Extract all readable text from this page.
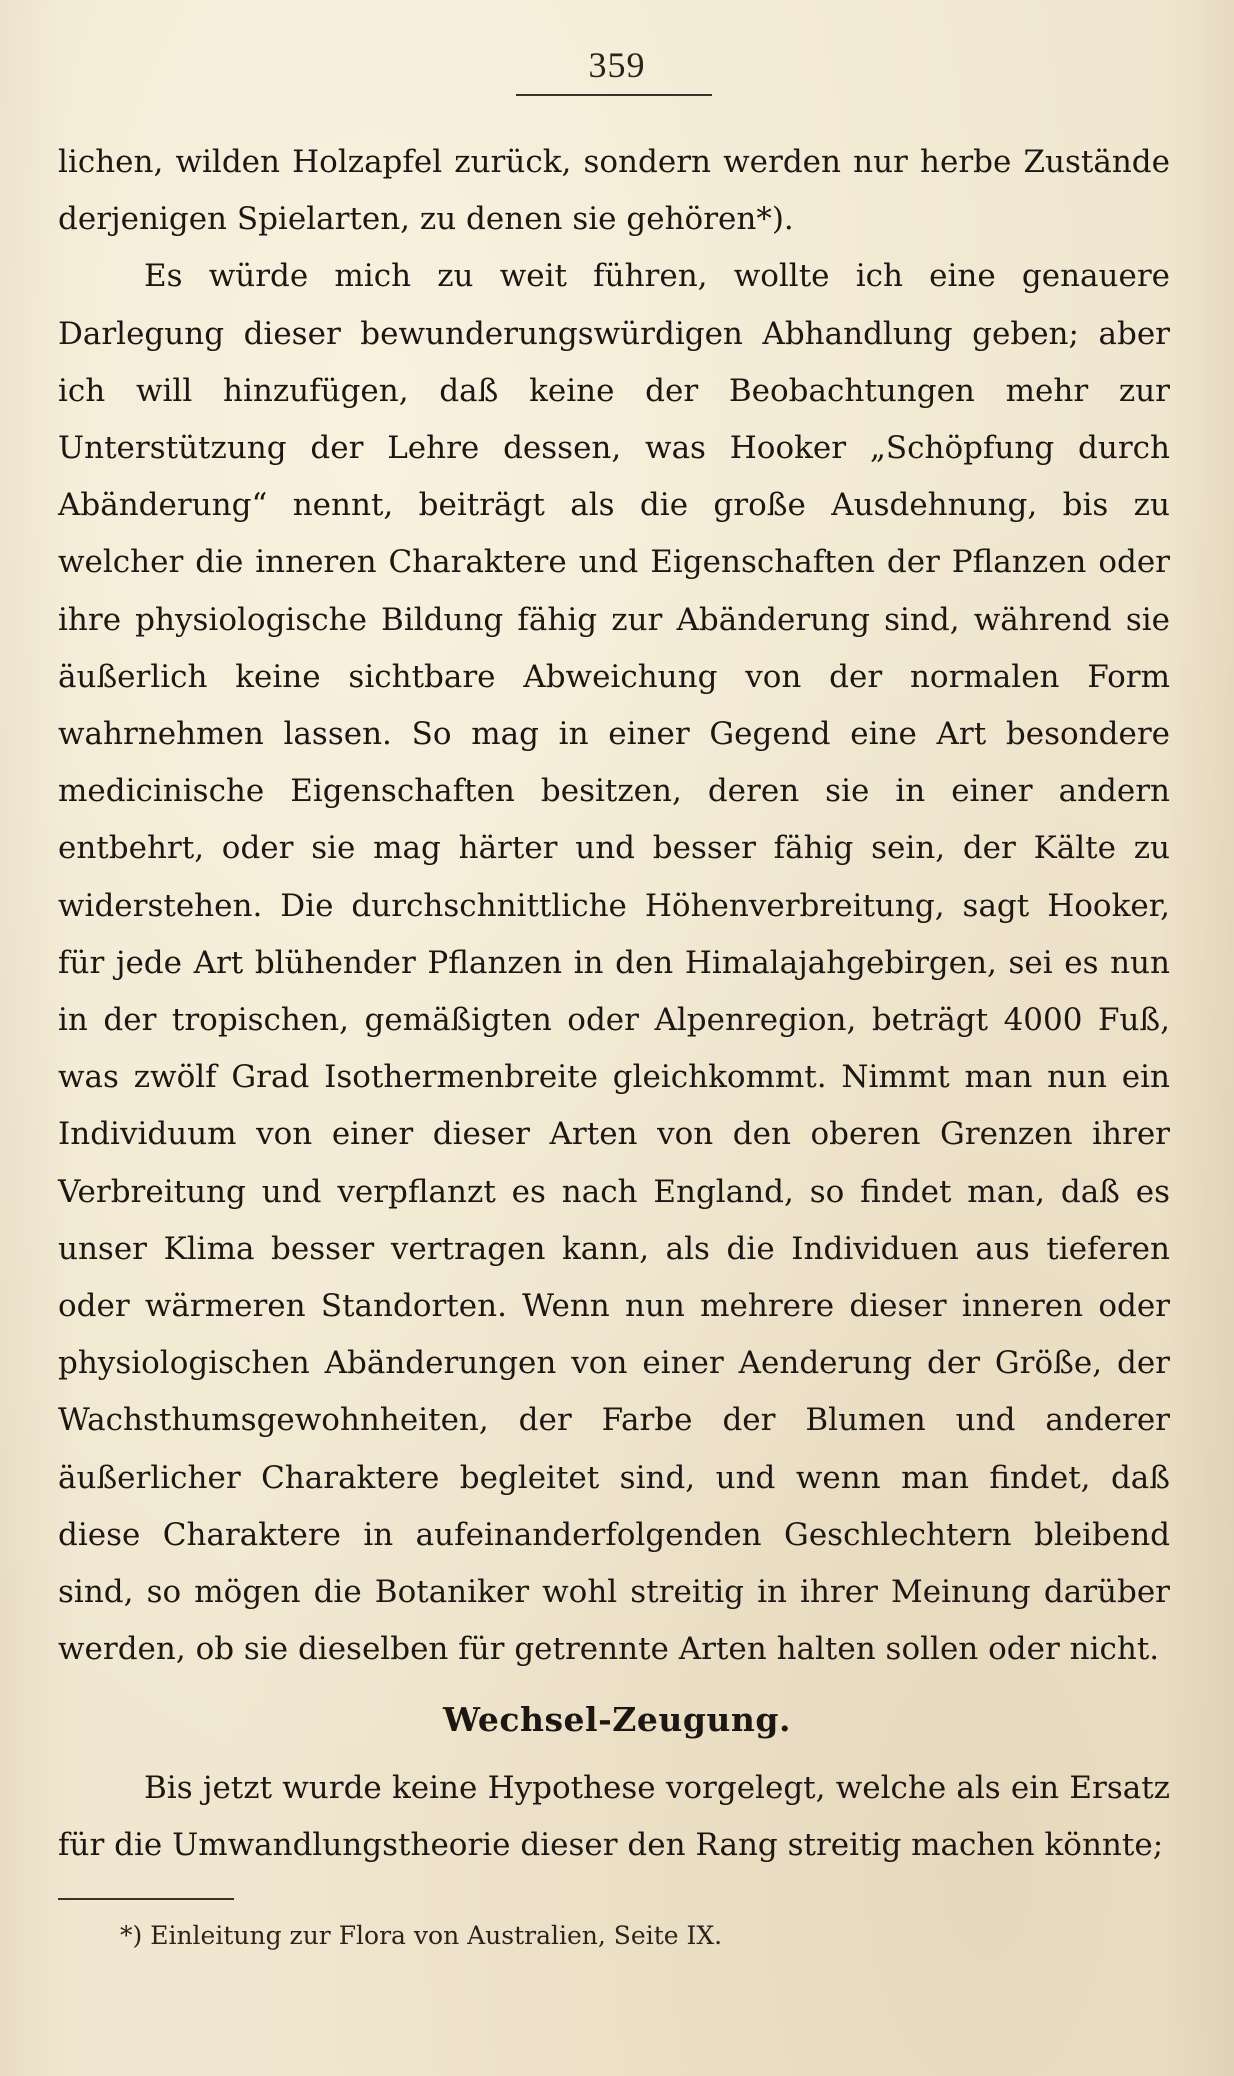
359

lichen, wilden Holzapfel zurück, sondern werden nur herbe Zustände derjenigen Spielarten, zu denen sie gehören*).

Es würde mich zu weit führen, wollte ich eine genauere Darlegung dieser bewunderungswürdigen Abhandlung geben; aber ich will hinzufügen, daß keine der Beobachtungen mehr zur Unterstützung der Lehre dessen, was Hooker „Schöpfung durch Abänderung“ nennt, beiträgt als die große Ausdehnung, bis zu welcher die inneren Charaktere und Eigenschaften der Pflanzen oder ihre physiologische Bildung fähig zur Abänderung sind, während sie äußerlich keine sichtbare Abweichung von der normalen Form wahrnehmen lassen. So mag in einer Gegend eine Art besondere medicinische Eigenschaften besitzen, deren sie in einer andern entbehrt, oder sie mag härter und besser fähig sein, der Kälte zu widerstehen. Die durchschnittliche Höhenverbreitung, sagt Hooker, für jede Art blühender Pflanzen in den Himalajahgebirgen, sei es nun in der tropischen, gemäßigten oder Alpenregion, beträgt 4000 Fuß, was zwölf Grad Isothermenbreite gleichkommt. Nimmt man nun ein Individuum von einer dieser Arten von den oberen Grenzen ihrer Verbreitung und verpflanzt es nach England, so findet man, daß es unser Klima besser vertragen kann, als die Individuen aus tieferen oder wärmeren Standorten. Wenn nun mehrere dieser inneren oder physiologischen Abänderungen von einer Aenderung der Größe, der Wachsthumsgewohnheiten, der Farbe der Blumen und anderer äußerlicher Charaktere begleitet sind, und wenn man findet, daß diese Charaktere in aufeinanderfolgenden Geschlechtern bleibend sind, so mögen die Botaniker wohl streitig in ihrer Meinung darüber werden, ob sie dieselben für getrennte Arten halten sollen oder nicht.

Wechsel-Zeugung.

Bis jetzt wurde keine Hypothese vorgelegt, welche als ein Ersatz für die Umwandlungstheorie dieser den Rang streitig machen könnte;

*) Einleitung zur Flora von Australien, Seite IX.
